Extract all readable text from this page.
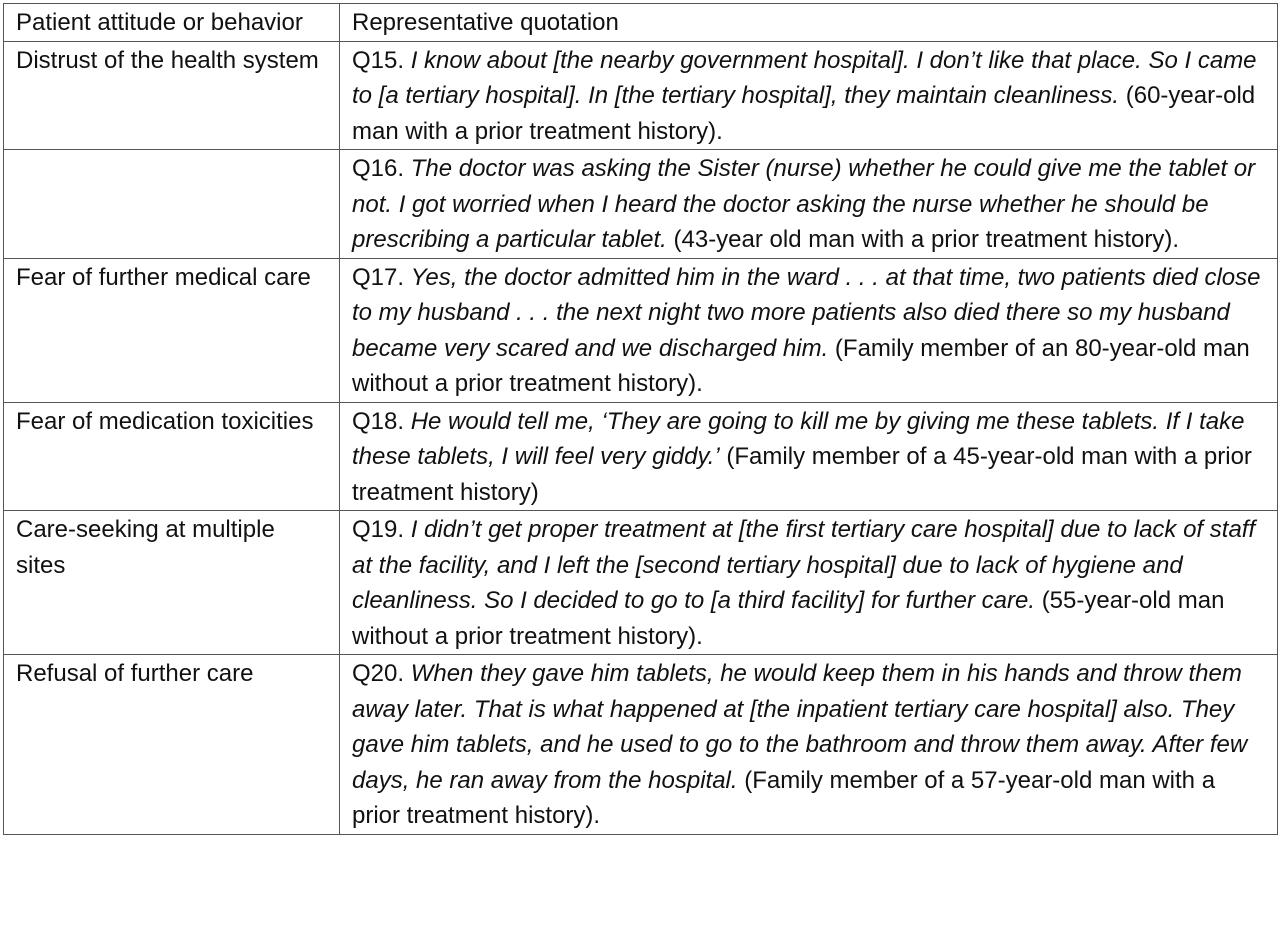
Patient attitude or behavior	Representative quotation
Distrust of the health system	Q15. I know about [the nearby government hospital]. I don’t like that place. So I came to [a tertiary hospital]. In [the tertiary hospital], they maintain cleanliness. (60-year-old man with a prior treatment history).
	Q16. The doctor was asking the Sister (nurse) whether he could give me the tablet or not. I got worried when I heard the doctor asking the nurse whether he should be prescribing a particular tablet. (43-year old man with a prior treatment history).
Fear of further medical care	Q17. Yes, the doctor admitted him in the ward . . . at that time, two patients died close to my husband . . . the next night two more patients also died there so my husband became very scared and we discharged him. (Family member of an 80-year-old man without a prior treatment history).
Fear of medication toxicities	Q18. He would tell me, ‘They are going to kill me by giving me these tablets. If I take these tablets, I will feel very giddy.’ (Family member of a 45-year-old man with a prior treatment history)
Care-seeking at multiple sites	Q19. I didn’t get proper treatment at [the first tertiary care hospital] due to lack of staff at the facility, and I left the [second tertiary hospital] due to lack of hygiene and cleanliness. So I decided to go to [a third facility] for further care. (55-year-old man without a prior treatment history).
Refusal of further care	Q20. When they gave him tablets, he would keep them in his hands and throw them away later. That is what happened at [the inpatient tertiary care hospital] also. They gave him tablets, and he used to go to the bathroom and throw them away. After few days, he ran away from the hospital. (Family member of a 57-year-old man with a prior treatment history).
